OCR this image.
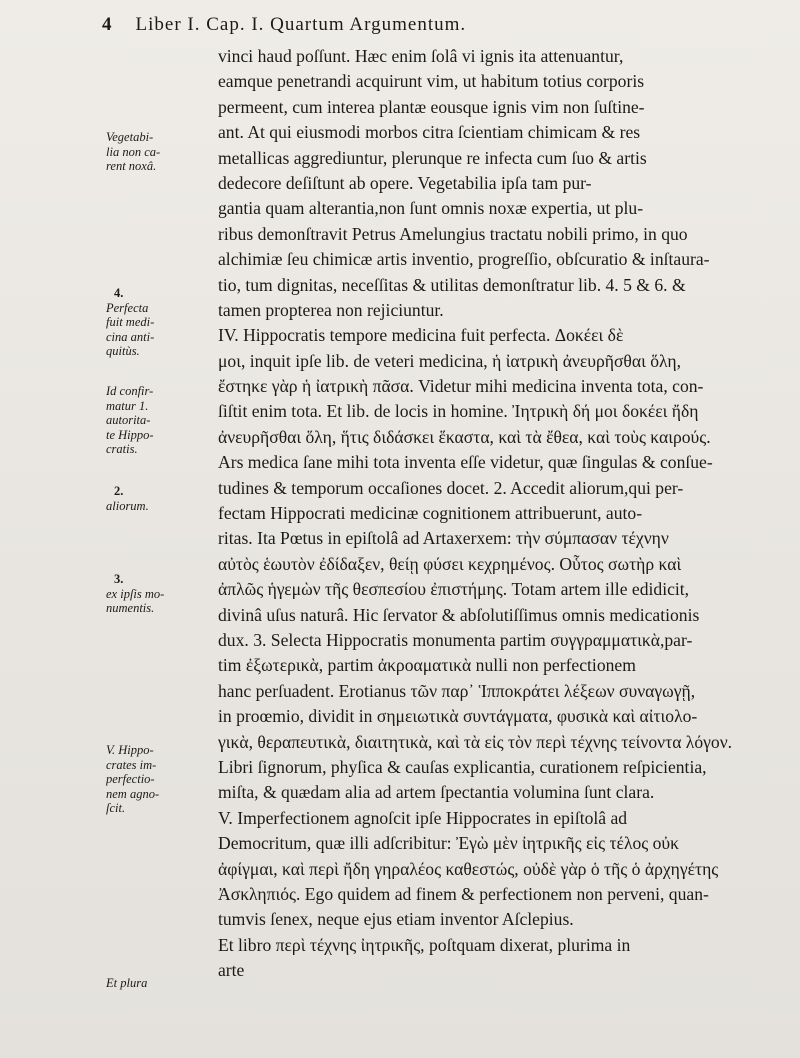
4 Liber I. Cap. I. Quartum Argumentum.
Vegetabi-
lia non ca-
rent noxâ.
4.
Perfecta
fuit medi-
cina anti-
quitùs.
Id confir-
matur 1.
autorita-
te Hippo-
cratis.
2.
aliorum.
3.
ex ipſis mo-
numentis.
V. Hippo-
crates im-
perfectio-
nem agno-
ſcit.
Et plura
vinci haud poſſunt. Hæc enim ſolâ vi ignis ita attenuantur,
eamque penetrandi acquirunt vim, ut habitum totius corporis
permeent, cum interea plantæ eousque ignis vim non ſuſtine-
ant. At qui eiusmodi morbos citra ſcientiam chimicam & res
metallicas aggrediuntur, plerunque re infecta cum ſuo & artis
dedecore deſiſtunt ab opere. Vegetabilia ipſa tam pur-
gantia quam alterantia,non ſunt omnis noxæ expertia, ut plu-
ribus demonſtravit Petrus Amelungius tractatu nobili primo, in quo
alchimiæ ſeu chimicæ artis inventio, progreſſio, obſcuratio & inſtaura-
tio, tum dignitas, neceſſitas & utilitas demonſtratur lib. 4. 5 & 6. &
tamen propterea non rejiciuntur.
IV. Hippocratis tempore medicina fuit perfecta. Δοκέει δὲ
μοι, inquit ipſe lib. de veteri medicina, ἡ ἰατρικὴ ἀνευρῆσθαι ὅλη,
ἔστηκε γὰρ ἡ ἰατρικὴ πᾶσα. Videtur mihi medicina inventa tota, con-
ſiſtit enim tota. Et lib. de locis in homine. Ἰητρικὴ δή μοι δοκέει ἤδη
ἀνευρῆσθαι ὅλη, ἥτις διδάσκει ἕκαστα, καὶ τὰ ἔθεα, καὶ τοὺς καιρούς.
Ars medica ſane mihi tota inventa eſſe videtur, quæ ſingulas & conſue-
tudines & temporum occaſiones docet. 2. Accedit aliorum,qui per-
fectam Hippocrati medicinæ cognitionem attribuerunt, auto-
ritas. Ita Pœtus in epiſtolâ ad Artaxerxem: τὴν σύμπασαν τέχνην
αὐτὸς ἑωυτὸν ἐδίδαξεν, θείῃ φύσει κεχρημένος. Οὗτος σωτὴρ καὶ
ἀπλῶς ἡγεμὼν τῆς θεσπεσίου ἐπιστήμης. Totam artem ille edidicit,
divinâ uſus naturâ. Hic ſervator & abſolutiſſimus omnis medicationis
dux. 3. Selecta Hippocratis monumenta partim συγγραμματικὰ,par-
tim ἐξωτερικὰ, partim ἀκροαματικὰ nulli non perfectionem
hanc perſuadent. Erotianus τῶν παρ᾽ Ἱπποκράτει λέξεων συναγωγῇ,
in proœmio, dividit in σημειωτικὰ συντάγματα, φυσικὰ καὶ αἰτιολο-
γικὰ, θεραπευτικὰ, διαιτητικὰ, καὶ τὰ εἰς τὸν περὶ τέχνης τείνοντα λόγον.
Libri ſignorum, phyſica & cauſas explicantia, curationem reſpicientia,
miſta, & quædam alia ad artem ſpectantia volumina ſunt clara.
V. Imperfectionem agnoſcit ipſe Hippocrates in epiſtolâ ad
Democritum, quæ illi adſcribitur: Ἐγὼ μὲν ἰητρικῆς εἰς τέλος οὐκ
ἀφίγμαι, καὶ περὶ ἤδη γηραλέος καθεστώς, οὐδὲ γὰρ ὁ τῆς ὁ ἀρχηγέτης
Ἀσκληπιός. Ego quidem ad finem & perfectionem non perveni, quan-
tumvis ſenex, neque ejus etiam inventor Aſclepius.
Et libro περὶ τέχνης ἰητρικῆς, poſtquam dixerat, plurima in
arte
